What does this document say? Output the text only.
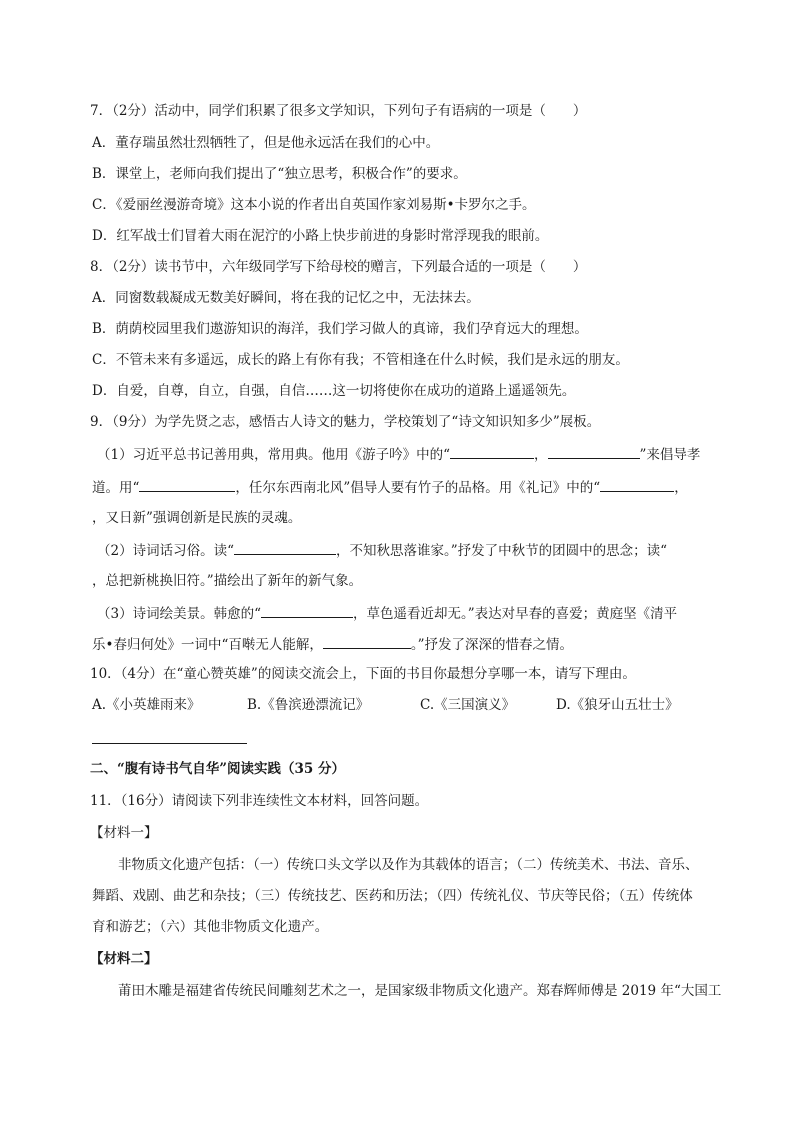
7．（2分）活动中，同学们积累了很多文学知识，下列句子有语病的一项是（　　）
A．董存瑞虽然壮烈牺牲了，但是他永远活在我们的心中。
B．课堂上，老师向我们提出了“独立思考，积极合作”的要求。
C．《爱丽丝漫游奇境》这本小说的作者出自英国作家刘易斯•卡罗尔之手。
D．红军战士们冒着大雨在泥泞的小路上快步前进的身影时常浮现我的眼前。
8．（2分）读书节中，六年级同学写下给母校的赠言，下列最合适的一项是（　　）
A．同窗数载凝成无数美好瞬间，将在我的记忆之中，无法抹去。
B．荫荫校园里我们遨游知识的海洋，我们学习做人的真谛，我们孕育远大的理想。
C．不管未来有多遥远，成长的路上有你有我；不管相逢在什么时候，我们是永远的朋友。
D．自爱，自尊，自立，自强，自信……这一切将使你在成功的道路上遥遥领先。
9．（9分）为学先贤之志，感悟古人诗文的魅力，学校策划了“诗文知识知多少”展板。
（1）习近平总书记善用典，常用典。他用《游子吟》中的“	，	”来倡导孝
道。用“	，任尔东西南北风”倡导人要有竹子的品格。用《礼记》中的“	，
，又日新”强调创新是民族的灵魂。
（2）诗词话习俗。读“	，不知秋思落谁家。”抒发了中秋节的团圆中的思念；读“
，总把新桃换旧符。”描绘出了新年的新气象。
（3）诗词绘美景。韩愈的“	，草色遥看近却无。”表达对早春的喜爱；黄庭坚《清平
乐•春归何处》一词中“百啭无人能解，	。”抒发了深深的惜春之情。
10．（4分）在“童心赞英雄”的阅读交流会上，下面的书目你最想分享哪一本，请写下理由。
A.《小英雄雨来》	B.《鲁滨逊漂流记》	C.《三国演义》	D.《狼牙山五壮士》
二、“腹有诗书气自华”阅读实践（35 分）
11．（16分）请阅读下列非连续性文本材料，回答问题。
【材料一】
非物质文化遗产包括：（一）传统口头文学以及作为其载体的语言；（二）传统美术、书法、音乐、
舞蹈、戏剧、曲艺和杂技；（三）传统技艺、医药和历法；（四）传统礼仪、节庆等民俗；（五）传统体
育和游艺；（六）其他非物质文化遗产。
【材料二】
莆田木雕是福建省传统民间雕刻艺术之一，是国家级非物质文化遗产。郑春辉师傅是 2019 年“大国工
